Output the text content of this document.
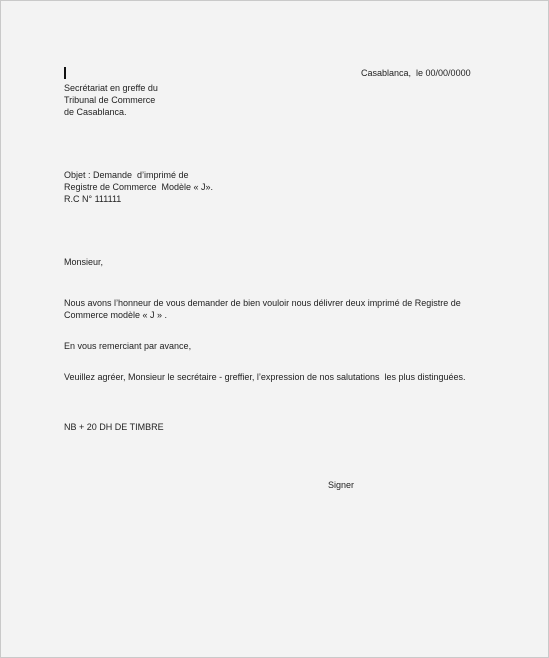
Casablanca,  le 00/00/0000
Secrétariat en greffe du
Tribunal de Commerce
de Casablanca.
Objet : Demande  d’imprimé de
Registre de Commerce  Modèle « J».
R.C N° 111111
Monsieur,
Nous avons l’honneur de vous demander de bien vouloir nous délivrer deux imprimé de Registre de
Commerce modèle « J » .
En vous remerciant par avance,
Veuillez agréer, Monsieur le secrétaire - greffier, l’expression de nos salutations  les plus distinguées.
NB + 20 DH DE TIMBRE
Signer
